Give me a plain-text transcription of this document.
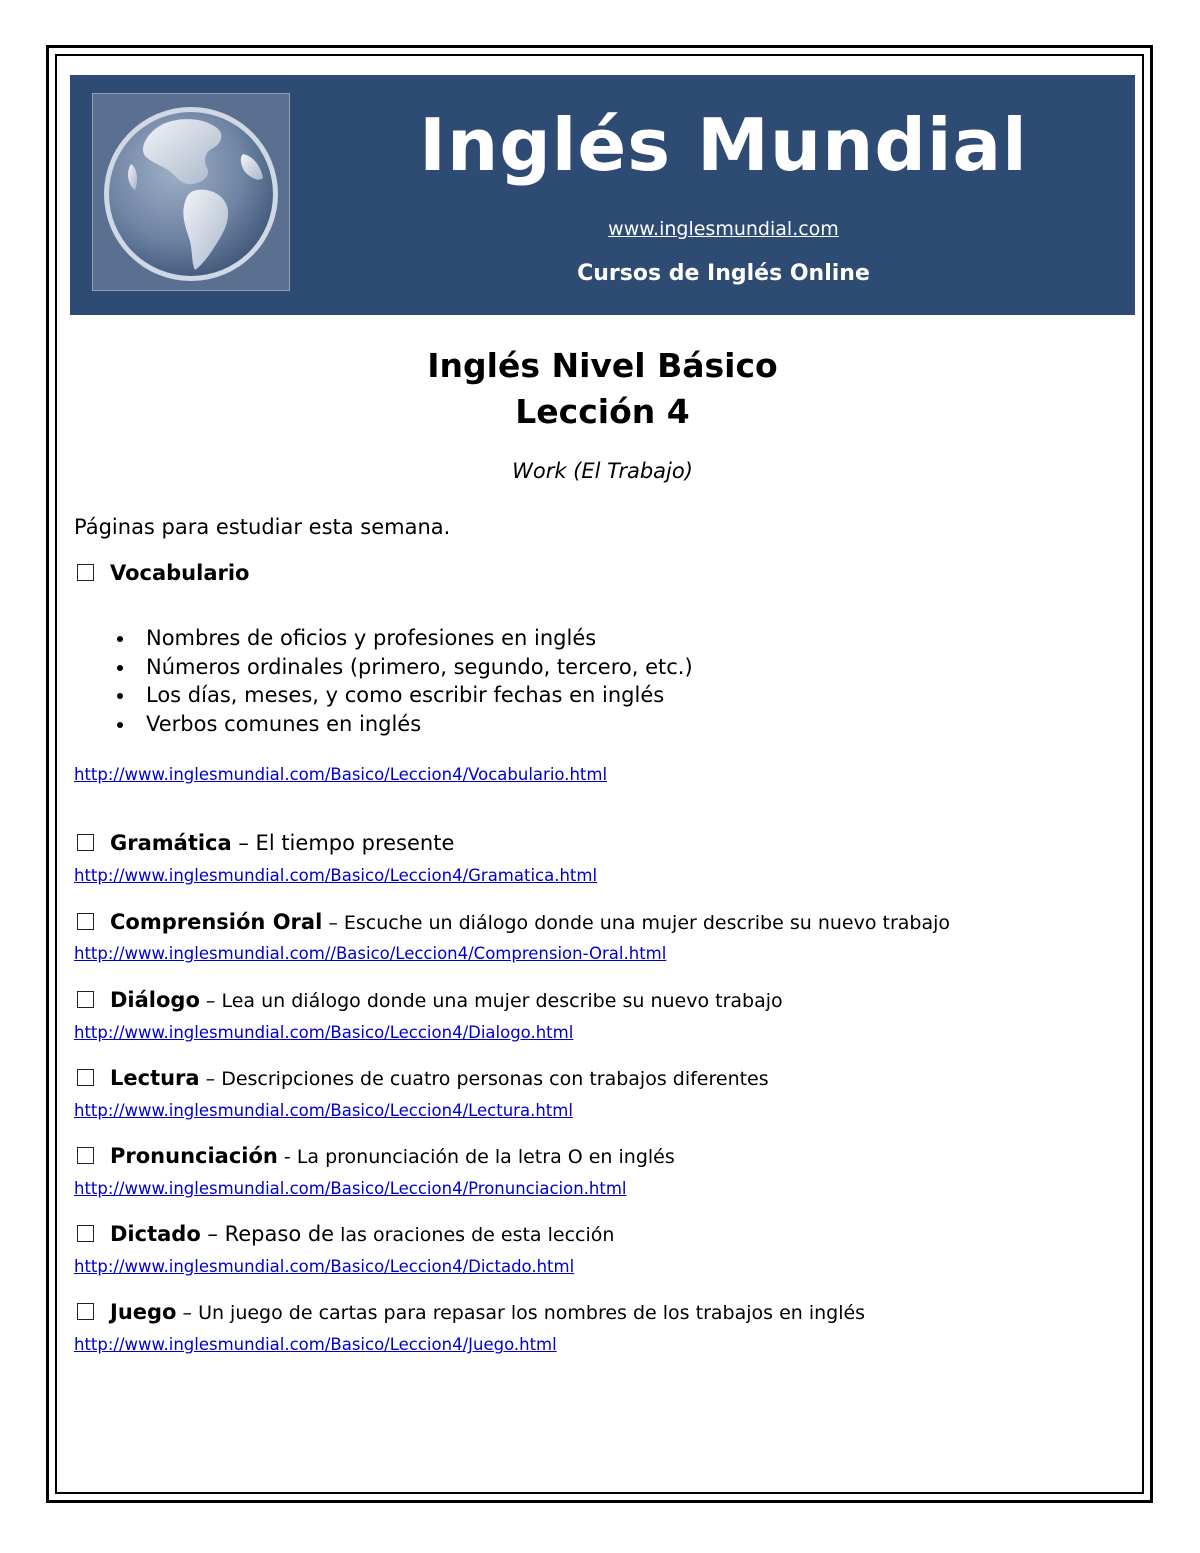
Inglés Mundial
www.inglesmundial.com
Cursos de Inglés Online
Inglés Nivel Básico
Lección 4
Work (El Trabajo)
Páginas para estudiar esta semana.
Vocabulario
Nombres de oficios y profesiones en inglés
Números ordinales (primero, segundo, tercero, etc.)
Los días, meses, y como escribir fechas en inglés
Verbos comunes en inglés
http://www.inglesmundial.com/Basico/Leccion4/Vocabulario.html
Gramática – El tiempo presente
http://www.inglesmundial.com/Basico/Leccion4/Gramatica.html
Comprensión Oral – Escuche un diálogo donde una mujer describe su nuevo trabajo
http://www.inglesmundial.com//Basico/Leccion4/Comprension-Oral.html
Diálogo – Lea un diálogo donde una mujer describe su nuevo trabajo
http://www.inglesmundial.com/Basico/Leccion4/Dialogo.html
Lectura – Descripciones de cuatro personas con trabajos diferentes
http://www.inglesmundial.com/Basico/Leccion4/Lectura.html
Pronunciación - La pronunciación de la letra O en inglés
http://www.inglesmundial.com/Basico/Leccion4/Pronunciacion.html
Dictado – Repaso de las oraciones de esta lección
http://www.inglesmundial.com/Basico/Leccion4/Dictado.html
Juego – Un juego de cartas para repasar los nombres de los trabajos en inglés
http://www.inglesmundial.com/Basico/Leccion4/Juego.html
